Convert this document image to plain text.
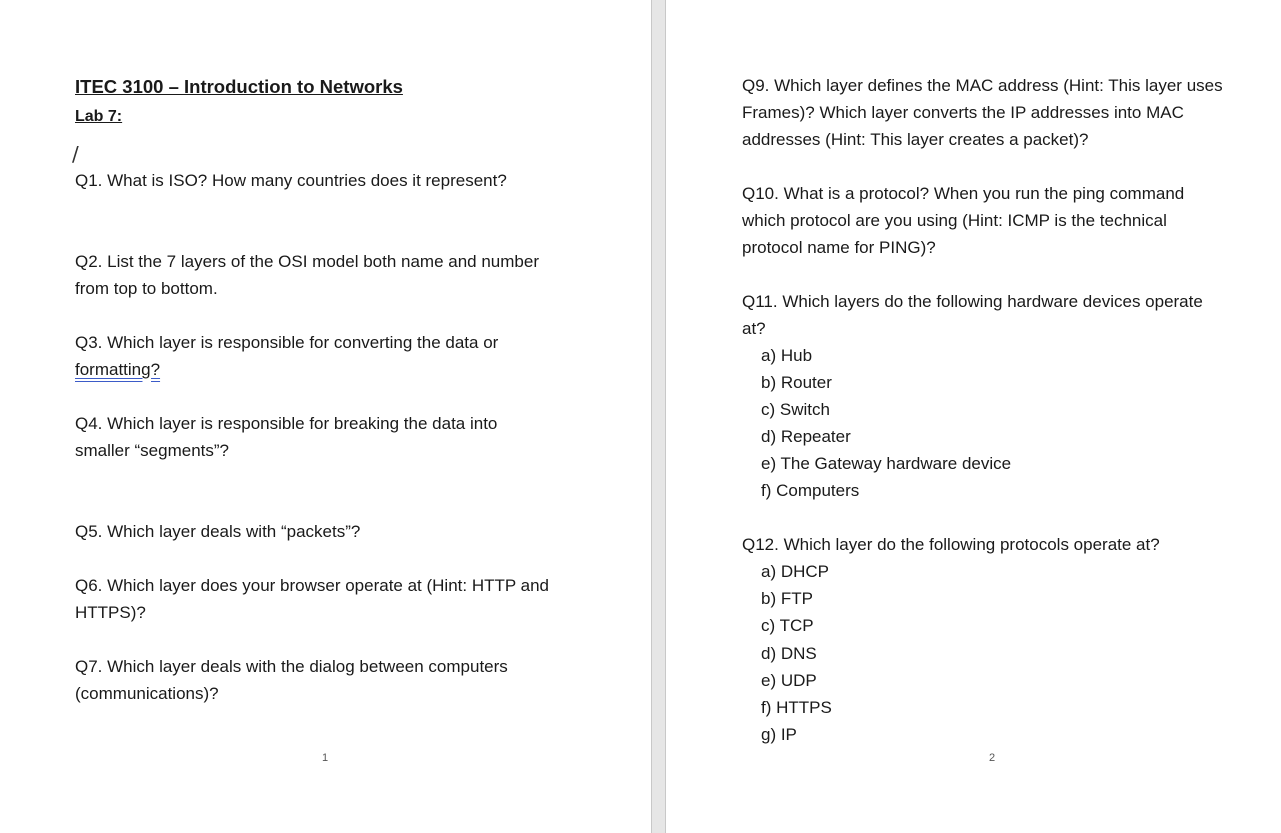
ITEC 3100 – Introduction to Networks
Lab 7:
/
Q1. What is ISO? How many countries does it represent?
Q2. List the 7 layers of the OSI model both name and number
from top to bottom.
Q3. Which layer is responsible for converting the data or
formatting?
Q4. Which layer is responsible for breaking the data into
smaller “segments”?
Q5. Which layer deals with “packets”?
Q6. Which layer does your browser operate at (Hint: HTTP and
HTTPS)?
Q7. Which layer deals with the dialog between computers
(communications)?
1
Q9. Which layer defines the MAC address (Hint: This layer uses
Frames)? Which layer converts the IP addresses into MAC
addresses (Hint: This layer creates a packet)?
Q10. What is a protocol? When you run the ping command
which protocol are you using (Hint: ICMP is the technical
protocol name for PING)?
Q11. Which layers do the following hardware devices operate
at?
a) Hub
b) Router
c) Switch
d) Repeater
e) The Gateway hardware device
f) Computers
Q12. Which layer do the following protocols operate at?
a) DHCP
b) FTP
c) TCP
d) DNS
e) UDP
f) HTTPS
g) IP
2
